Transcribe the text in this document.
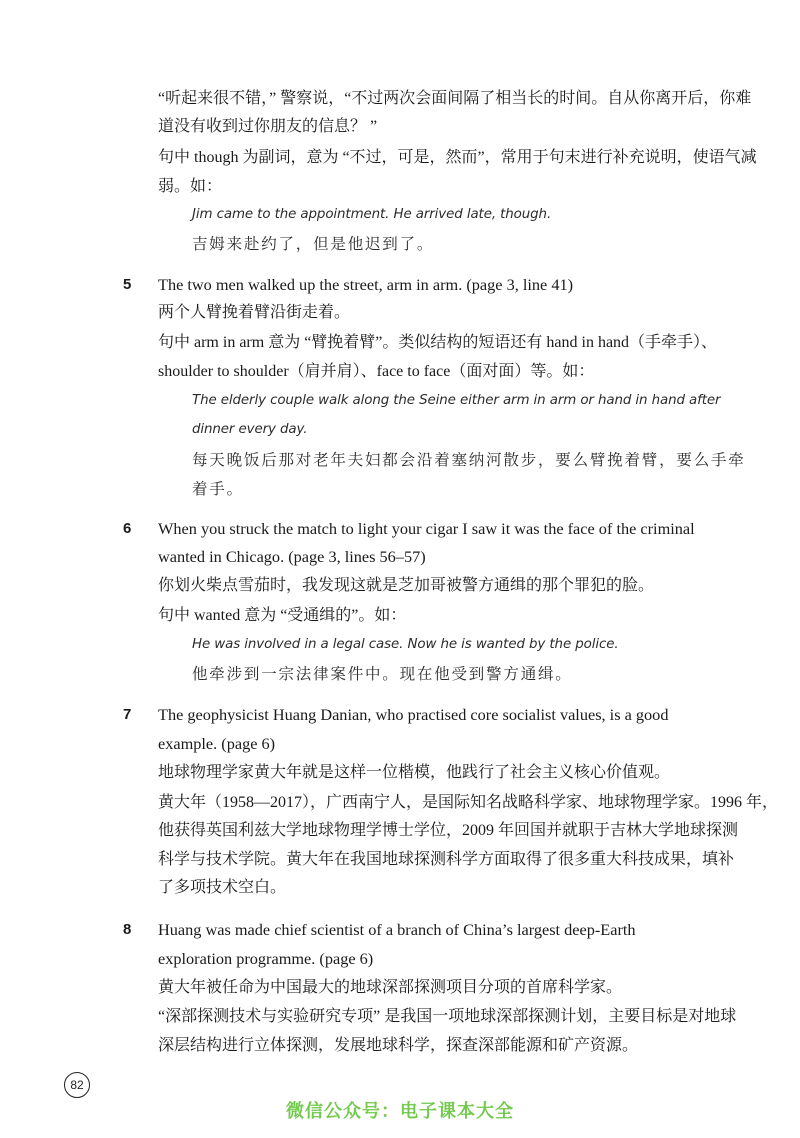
“听起来很不错，” 警察说，“不过两次会面间隔了相当长的时间。自从你离开后，你难
道没有收到过你朋友的信息？ ”
句中 though 为副词，意为 “不过，可是，然而”，常用于句末进行补充说明，使语气减
弱。如：
Jim came to the appointment. He arrived late, though.
吉姆来赴约了，但是他迟到了。
5 The two men walked up the street, arm in arm. (page 3, line 41)
两个人臂挽着臂沿街走着。
句中 arm in arm 意为 “臂挽着臂”。类似结构的短语还有 hand in hand（手牵手）、
shoulder to shoulder（肩并肩）、face to face（面对面）等。如：
The elderly couple walk along the Seine either arm in arm or hand in hand after
dinner every day.
每天晚饭后那对老年夫妇都会沿着塞纳河散步，要么臂挽着臂，要么手牵
着手。
6 When you struck the match to light your cigar I saw it was the face of the criminal
wanted in Chicago. (page 3, lines 56–57)
你划火柴点雪茄时，我发现这就是芝加哥被警方通缉的那个罪犯的脸。
句中 wanted 意为 “受通缉的”。如：
He was involved in a legal case. Now he is wanted by the police.
他牵涉到一宗法律案件中。现在他受到警方通缉。
7 The geophysicist Huang Danian, who practised core socialist values, is a good
example. (page 6)
地球物理学家黄大年就是这样一位楷模，他践行了社会主义核心价值观。
黄大年（1958—2017），广西南宁人，是国际知名战略科学家、地球物理学家。1996 年，
他获得英国利兹大学地球物理学博士学位，2009 年回国并就职于吉林大学地球探测
科学与技术学院。黄大年在我国地球探测科学方面取得了很多重大科技成果，填补
了多项技术空白。
8 Huang was made chief scientist of a branch of China’s largest deep-Earth
exploration programme. (page 6)
黄大年被任命为中国最大的地球深部探测项目分项的首席科学家。
“深部探测技术与实验研究专项” 是我国一项地球深部探测计划，主要目标是对地球
深层结构进行立体探测，发展地球科学，探查深部能源和矿产资源。
82
微信公众号：电子课本大全
